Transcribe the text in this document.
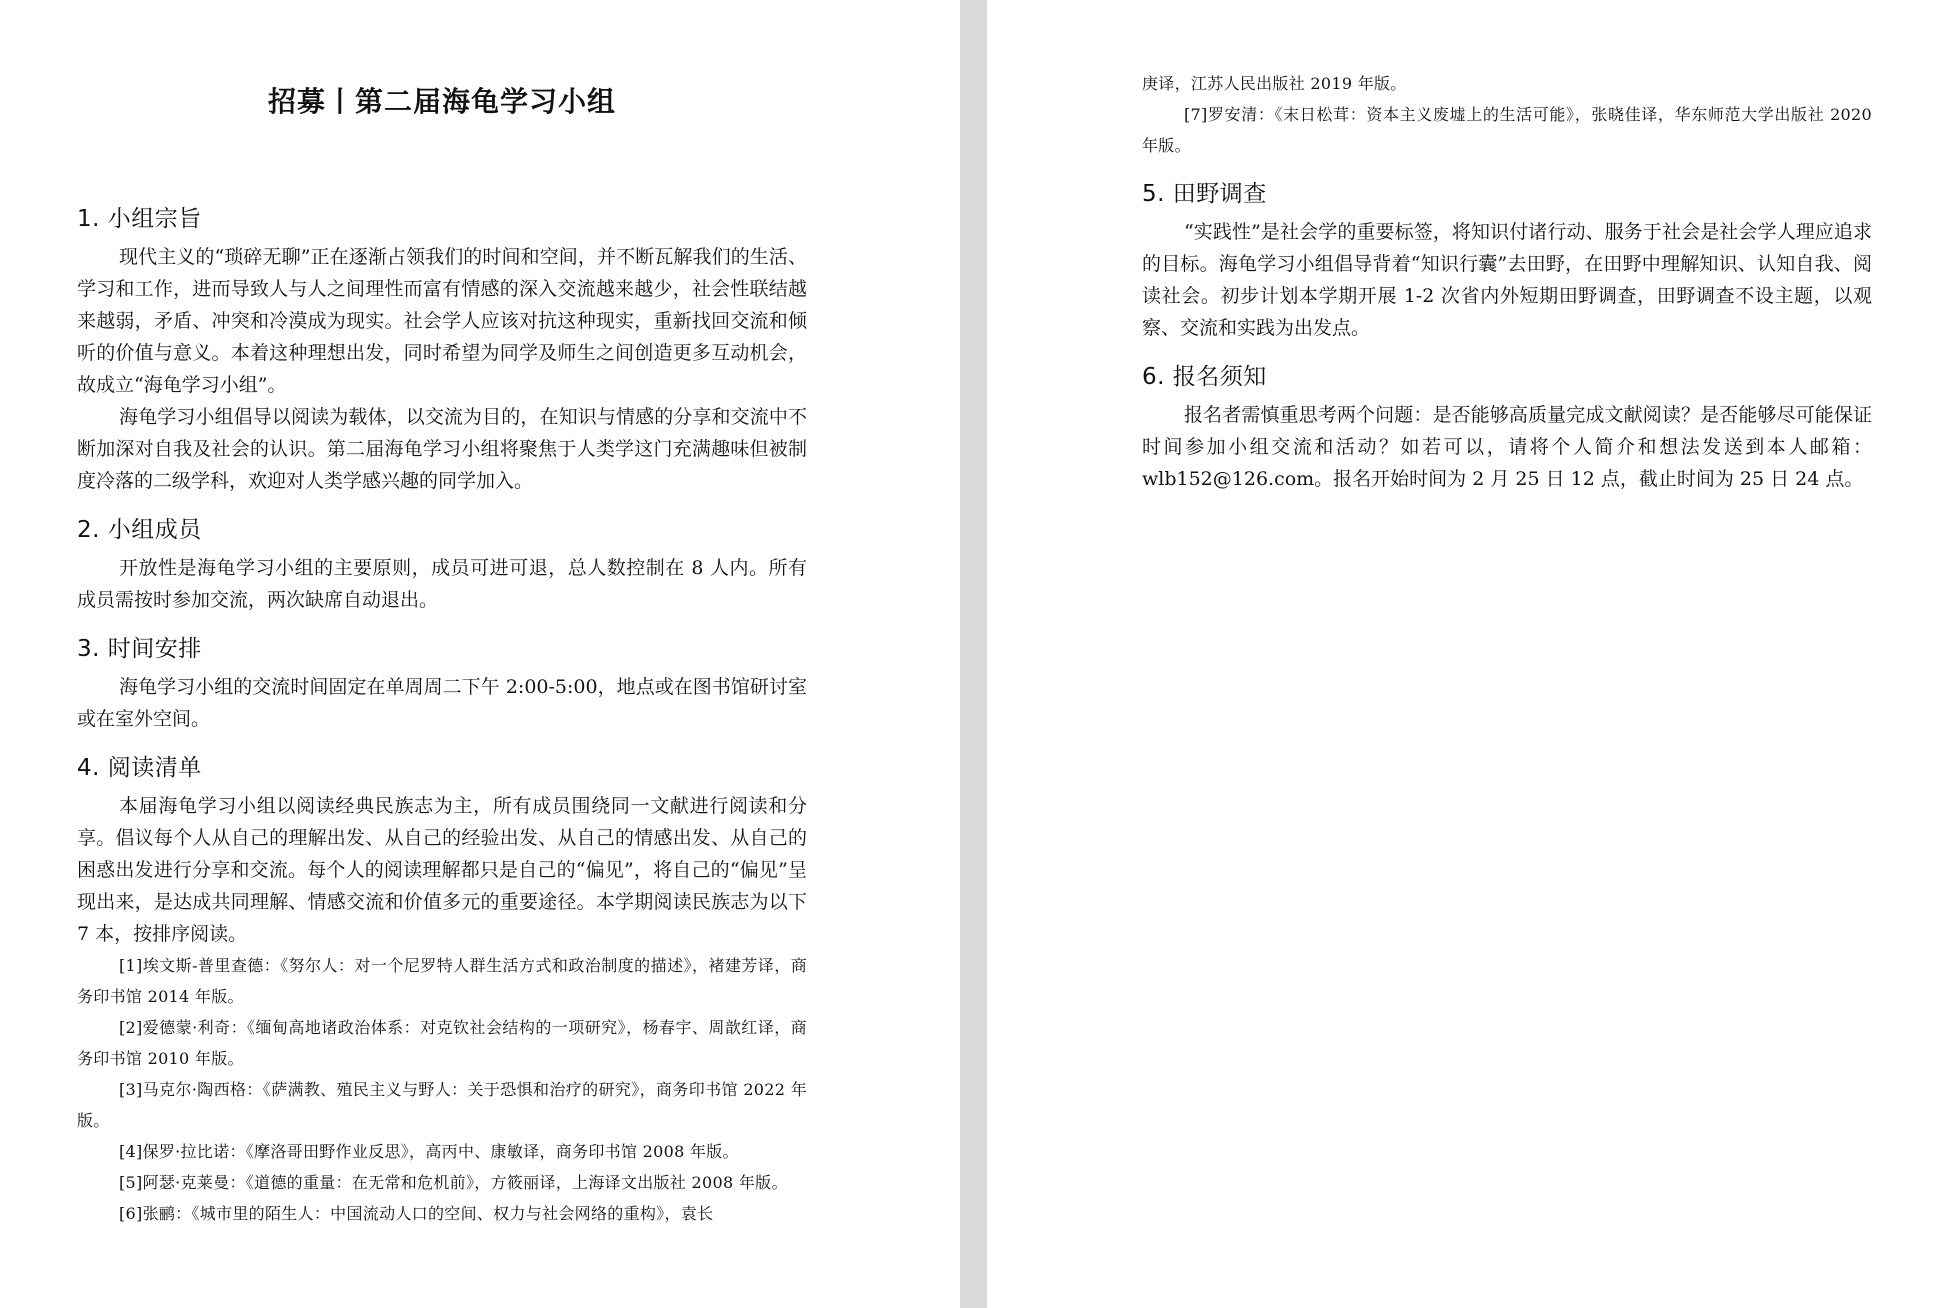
招募丨第二届海龟学习小组
1. 小组宗旨

现代主义的“琐碎无聊”正在逐渐占领我们的时间和空间，并不断瓦解我们的生活、学习和工作，进而导致人与人之间理性而富有情感的深入交流越来越少，社会性联结越来越弱，矛盾、冲突和冷漠成为现实。社会学人应该对抗这种现实，重新找回交流和倾听的价值与意义。本着这种理想出发，同时希望为同学及师生之间创造更多互动机会，故成立“海龟学习小组”。

海龟学习小组倡导以阅读为载体，以交流为目的，在知识与情感的分享和交流中不断加深对自我及社会的认识。第二届海龟学习小组将聚焦于人类学这门充满趣味但被制度冷落的二级学科，欢迎对人类学感兴趣的同学加入。

2. 小组成员

开放性是海龟学习小组的主要原则，成员可进可退，总人数控制在 8 人内。所有成员需按时参加交流，两次缺席自动退出。

3. 时间安排

海龟学习小组的交流时间固定在单周周二下午 2:00-5:00，地点或在图书馆研讨室或在室外空间。

4. 阅读清单

本届海龟学习小组以阅读经典民族志为主，所有成员围绕同一文献进行阅读和分享。倡议每个人从自己的理解出发、从自己的经验出发、从自己的情感出发、从自己的困惑出发进行分享和交流。每个人的阅读理解都只是自己的“偏见”，将自己的“偏见”呈现出来，是达成共同理解、情感交流和价值多元的重要途径。本学期阅读民族志为以下 7 本，按排序阅读。

[1]埃文斯-普里查德：《努尔人：对一个尼罗特人群生活方式和政治制度的描述》，褚建芳译，商务印书馆 2014 年版。

[2]爱德蒙·利奇：《缅甸高地诸政治体系：对克钦社会结构的一项研究》，杨春宇、周歆红译，商务印书馆 2010 年版。

[3]马克尔·陶西格：《萨满教、殖民主义与野人：关于恐惧和治疗的研究》，商务印书馆 2022 年版。

[4]保罗·拉比诺：《摩洛哥田野作业反思》，高丙中、康敏译，商务印书馆 2008 年版。

[5]阿瑟·克莱曼：《道德的重量：在无常和危机前》，方筱丽译，上海译文出版社 2008 年版。

[6]张鹂：《城市里的陌生人：中国流动人口的空间、权力与社会网络的重构》，袁长

庚译，江苏人民出版社 2019 年版。

[7]罗安清：《末日松茸：资本主义废墟上的生活可能》，张晓佳译，华东师范大学出版社 2020 年版。

5. 田野调查

“实践性”是社会学的重要标签，将知识付诸行动、服务于社会是社会学人理应追求的目标。海龟学习小组倡导背着“知识行囊”去田野，在田野中理解知识、认知自我、阅读社会。初步计划本学期开展 1-2 次省内外短期田野调查，田野调查不设主题，以观察、交流和实践为出发点。

6. 报名须知

报名者需慎重思考两个问题：是否能够高质量完成文献阅读？是否能够尽可能保证时间参加小组交流和活动？如若可以，请将个人简介和想法发送到本人邮箱：wlb152@126.com。报名开始时间为 2 月 25 日 12 点，截止时间为 25 日 24 点。
